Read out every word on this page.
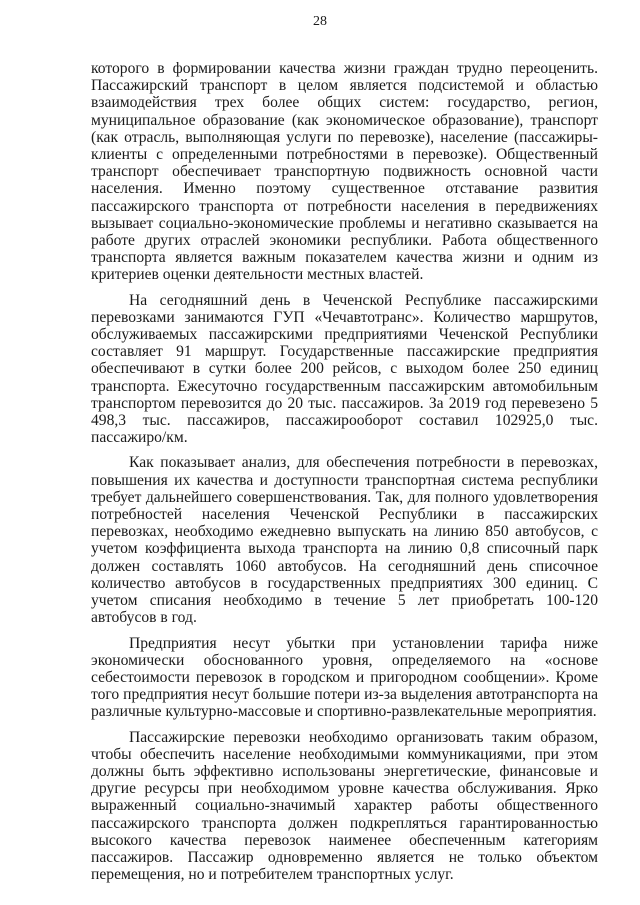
28

которого в формировании качества жизни граждан трудно переоценить. Пассажирский транспорт в целом является подсистемой и областью взаимодействия трех более общих систем: государство, регион, муниципальное образование (как экономическое образование), транспорт (как отрасль, выполняющая услуги по перевозке), население (пассажиры-клиенты с определенными потребностями в перевозке). Общественный транспорт обеспечивает транспортную подвижность основной части населения. Именно поэтому существенное отставание развития пассажирского транспорта от потребности населения в передвижениях вызывает социально-экономические проблемы и негативно сказывается на работе других отраслей экономики республики. Работа общественного транспорта является важным показателем качества жизни и одним из критериев оценки деятельности местных властей.

На сегодняшний день в Чеченской Республике пассажирскими перевозками занимаются ГУП «Чечавтотранс». Количество маршрутов, обслуживаемых пассажирскими предприятиями Чеченской Республики составляет 91 маршрут. Государственные пассажирские предприятия обеспечивают в сутки более 200 рейсов, с выходом более 250 единиц транспорта. Ежесуточно государственным пассажирским автомобильным транспортом перевозится до 20 тыс. пассажиров. За 2019 год перевезено 5 498,3 тыс. пассажиров, пассажирооборот составил 102925,0 тыс. пассажиро/км.

Как показывает анализ, для обеспечения потребности в перевозках, повышения их качества и доступности транспортная система республики требует дальнейшего совершенствования. Так, для полного удовлетворения потребностей населения Чеченской Республики в пассажирских перевозках, необходимо ежедневно выпускать на линию 850 автобусов, с учетом коэффициента выхода транспорта на линию 0,8 списочный парк должен составлять 1060 автобусов. На сегодняшний день списочное количество автобусов в государственных предприятиях 300 единиц. С учетом списания необходимо в течение 5 лет приобретать 100-120 автобусов в год.

Предприятия несут убытки при установлении тарифа ниже экономически обоснованного уровня, определяемого на «основе себестоимости перевозок в городском и пригородном сообщении». Кроме того предприятия несут большие потери из-за выделения автотранспорта на различные культурно-массовые и спортивно-развлекательные мероприятия.

Пассажирские перевозки необходимо организовать таким образом, чтобы обеспечить население необходимыми коммуникациями, при этом должны быть эффективно использованы энергетические, финансовые и другие ресурсы при необходимом уровне качества обслуживания. Ярко выраженный социально-значимый характер работы общественного пассажирского транспорта должен подкрепляться гарантированностью высокого качества перевозок наименее обеспеченным категориям пассажиров. Пассажир одновременно является не только объектом перемещения, но и потребителем транспортных услуг.
